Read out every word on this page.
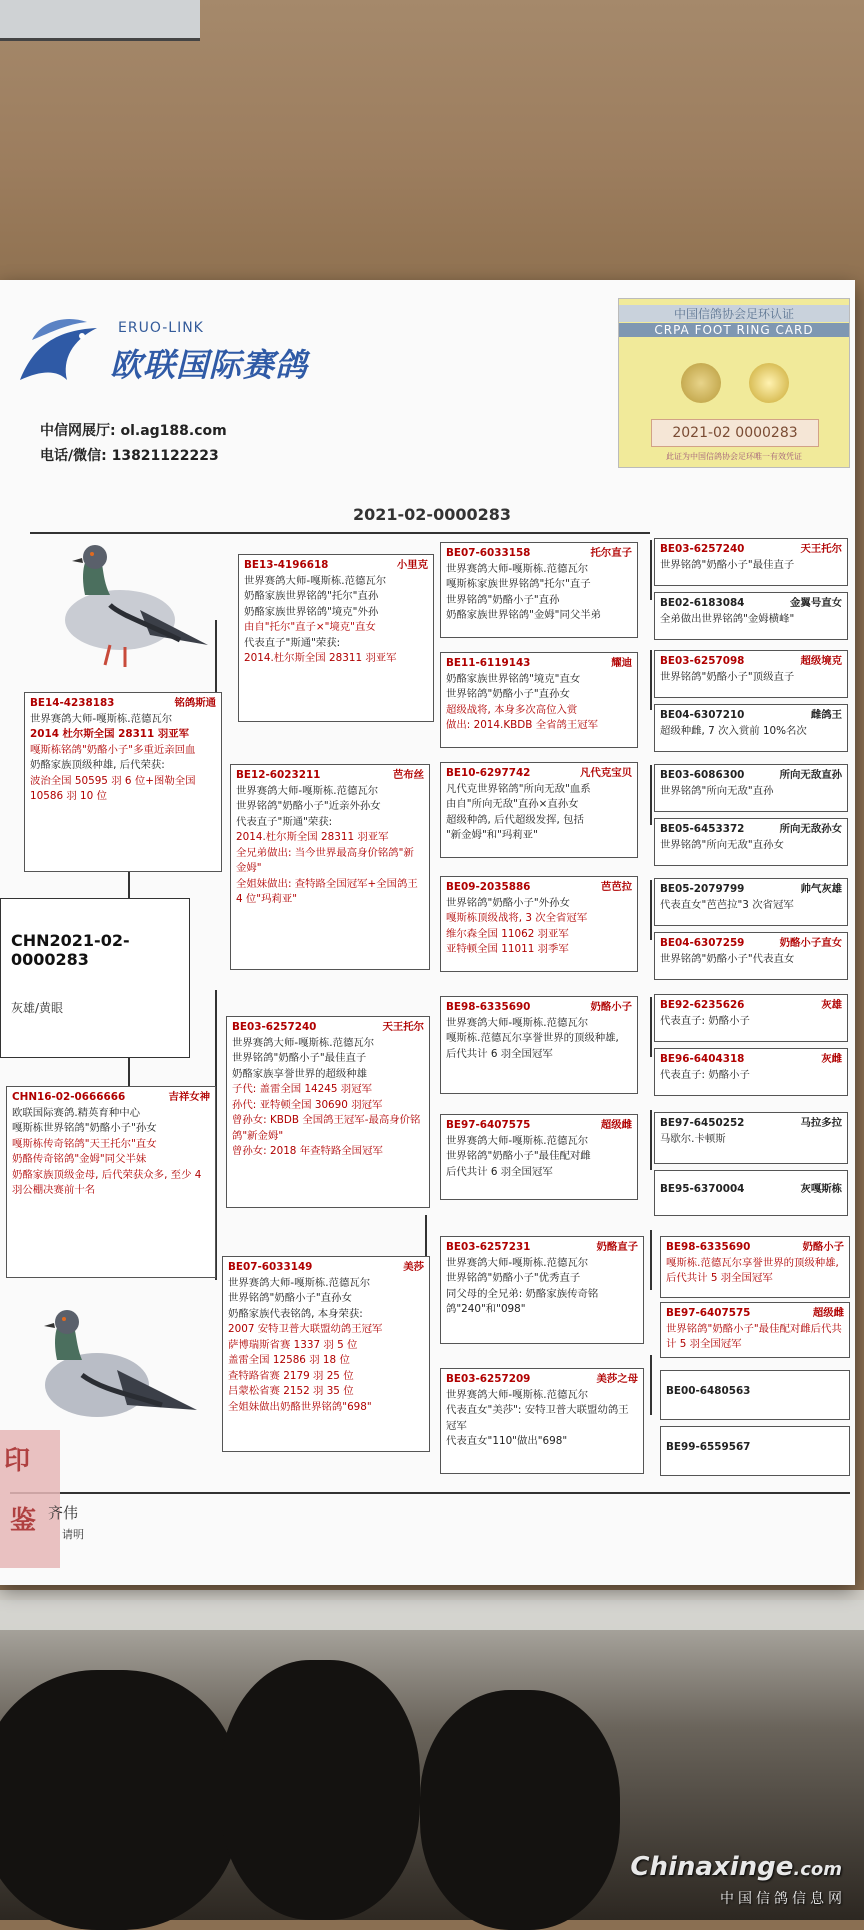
ERUO-LINK
欧联国际赛鸽
中信网展厅: ol.ag188.com
电话/微信: 13821122223
中国信鸽协会足环认证
CRPA FOOT RING CARD
2021-02 0000283
此证为中国信鸽协会足环唯一有效凭证
2021-02-0000283
BE14-4238183	铭鸽斯通
世界赛鸽大师-嘎斯栋.范德瓦尔
2014 杜尔斯全国 28311 羽亚军
嘎斯栋铭鸽"奶酪小子"多重近亲回血
奶酪家族顶级种雄, 后代荣获:
波治全国 50595 羽 6 位+图勒全国 10586 羽 10 位
CHN2021-02-0000283
灰雄/黄眼
CHN16-02-0666666	吉祥女神
欧联国际赛鸽.精英育种中心
嘎斯栋世界铭鸽"奶酪小子"孙女
嘎斯栋传奇铭鸽"天王托尔"直女
奶酪传奇铭鸽"金姆"同父半妹
奶酪家族顶级金母, 后代荣获众多, 至少 4 羽公棚决赛前十名
BE13-4196618	小里克
世界赛鸽大师-嘎斯栋.范德瓦尔
奶酪家族世界铭鸽"托尔"直孙
奶酪家族世界铭鸽"境克"外孙
由自"托尔"直子×"境克"直女
代表直子"斯通"荣获:
2014.杜尔斯全国 28311 羽亚军
BE12-6023211	芭布丝
世界赛鸽大师-嘎斯栋.范德瓦尔
世界铭鸽"奶酪小子"近亲外孙女
代表直子"斯通"荣获:
2014.杜尔斯全国 28311 羽亚军
全兄弟做出: 当今世界最高身价铭鸽"新金姆"
全姐妹做出: 查特路全国冠军+全国鸽王 4 位"玛莉亚"
BE03-6257240	天王托尔
世界赛鸽大师-嘎斯栋.范德瓦尔
世界铭鸽"奶酪小子"最佳直子
奶酪家族享誉世界的超级种雄
子代: 盖雷全国 14245 羽冠军
孙代: 亚特顿全国 30690 羽冠军
曾孙女: KBDB 全国鸽王冠军-最高身价铭鸽"新金姆"
曾孙女: 2018 年查特路全国冠军
BE07-6033149	美莎
世界赛鸽大师-嘎斯栋.范德瓦尔
世界铭鸽"奶酪小子"直孙女
奶酪家族代表铭鸽, 本身荣获:
2007 安特卫普大联盟幼鸽王冠军
萨博瑞斯省赛 1337 羽 5 位
盖雷全国 12586 羽 18 位
查特路省赛 2179 羽 25 位
吕蒙松省赛 2152 羽 35 位
全姐妹做出奶酪世界铭鸽"698"
BE07-6033158	托尔直子
世界赛鸽大师-嘎斯栋.范德瓦尔
嘎斯栋家族世界铭鸽"托尔"直子
世界铭鸽"奶酪小子"直孙
奶酪家族世界铭鸽"金姆"同父半弟
BE11-6119143	耀迪
奶酪家族世界铭鸽"境克"直女
世界铭鸽"奶酪小子"直孙女
超级战将, 本身多次高位入赏
做出: 2014.KBDB 全省鸽王冠军
BE10-6297742	凡代克宝贝
凡代克世界铭鸽"所向无敌"血系
由自"所向无敌"直孙×直孙女
超级种鸽, 后代超级发挥, 包括
"新金姆"和"玛莉亚"
BE09-2035886	芭芭拉
世界铭鸽"奶酪小子"外孙女
嘎斯栋顶级战将, 3 次全省冠军
维尔森全国 11062 羽亚军
亚特顿全国 11011 羽季军
BE98-6335690	奶酪小子
世界赛鸽大师-嘎斯栋.范德瓦尔
嘎斯栋.范德瓦尔享誉世界的顶级种雄, 后代共计 6 羽全国冠军
BE97-6407575	超级雌
世界赛鸽大师-嘎斯栋.范德瓦尔
世界铭鸽"奶酪小子"最佳配对雌
后代共计 6 羽全国冠军
BE03-6257231	奶酪直子
世界赛鸽大师-嘎斯栋.范德瓦尔
世界铭鸽"奶酪小子"优秀直子
同父母的全兄弟: 奶酪家族传奇铭鸽"240"和"098"
BE03-6257209	美莎之母
世界赛鸽大师-嘎斯栋.范德瓦尔
代表直女"美莎": 安特卫普大联盟幼鸽王冠军
代表直女"110"做出"698"
BE03-6257240	天王托尔
世界铭鸽"奶酪小子"最佳直子
BE02-6183084	金翼号直女
全弟做出世界铭鸽"金姆横峰"
BE03-6257098	超级境克
世界铭鸽"奶酪小子"顶级直子
BE04-6307210	雌鸽王
超级种雌, 7 次入赏前 10%名次
BE03-6086300	所向无敌直孙
世界铭鸽"所向无敌"直孙
BE05-6453372	所向无敌孙女
世界铭鸽"所向无敌"直孙女
BE05-2079799	帅气灰雄
代表直女"芭芭拉"3 次省冠军
BE04-6307259	奶酪小子直女
世界铭鸽"奶酪小子"代表直女
BE92-6235626	灰雄
代表直子: 奶酪小子
BE96-6404318	灰雌
代表直子: 奶酪小子
BE97-6450252	马拉多拉
马歇尔.卡顿斯
BE95-6370004	灰嘎斯栋
BE98-6335690	奶酪小子
嘎斯栋.范德瓦尔享誉世界的顶级种雄, 后代共计 5 羽全国冠军
BE97-6407575	超级雌
世界铭鸽"奶酪小子"最佳配对雌后代共计 5 羽全国冠军
BE00-6480563
BE99-6559567
印
鉴 齐伟
请明
Chinaxinge.com
中国信鸽信息网
